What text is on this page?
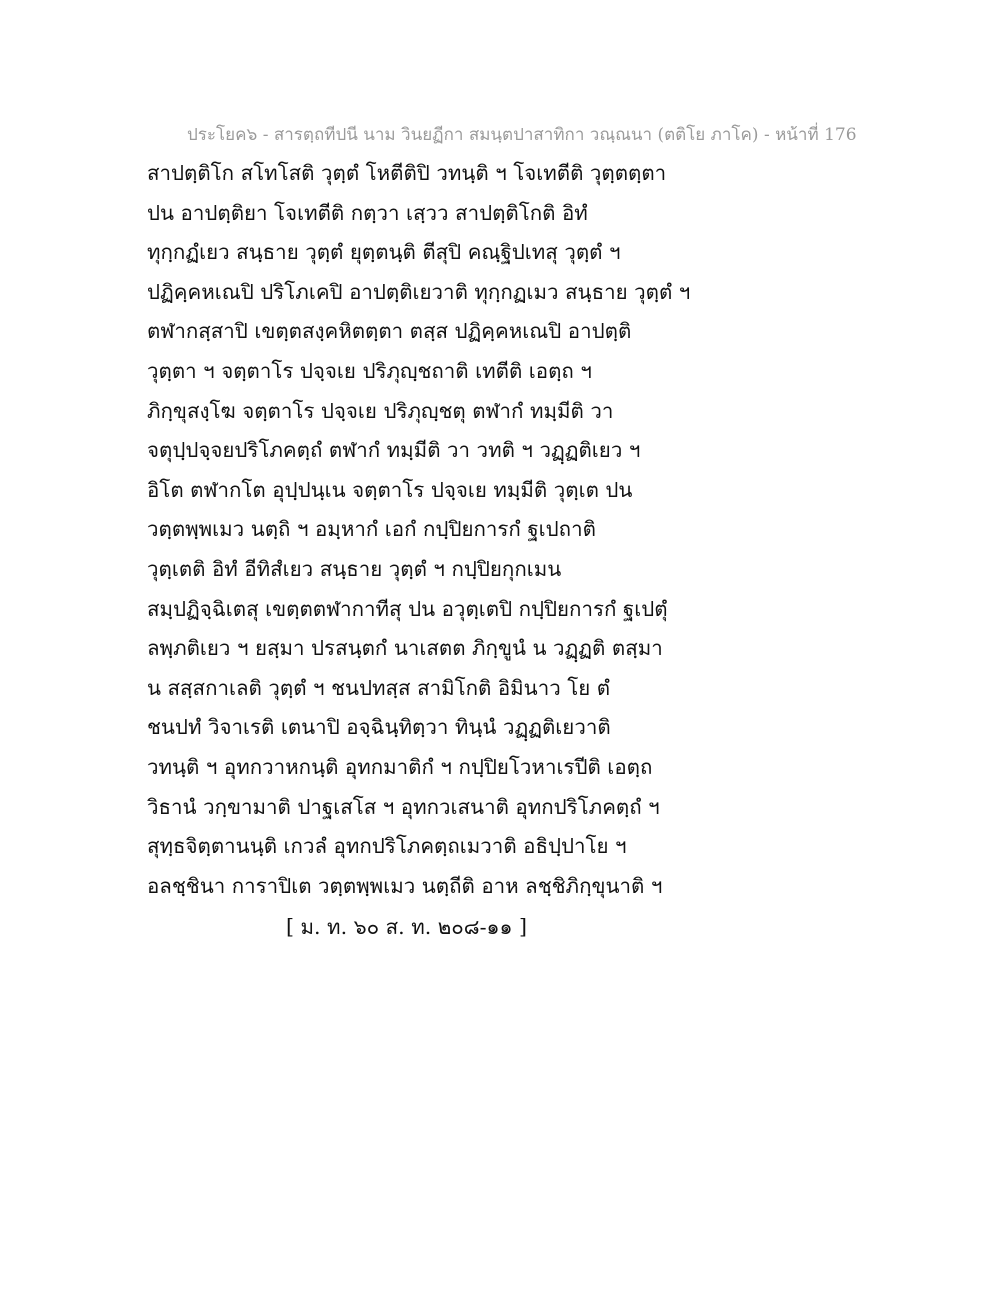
ประโยค๖ - สารตฺถทีปนี นาม วินยฏีกา สมนฺตปาสาทิกา วณฺณนา (ตติโย ภาโค) - หน้าที่ 176
สาปตฺติโก สโทโสติ วุตฺตํ โหตีติปิ วทนฺติ ฯ โจเทตีติ วุตฺตตฺตา
ปน อาปตฺติยา โจเทตีติ กตฺวา เสฺวว สาปตฺติโกติ อิทํ
ทุกฺกฏํเยว สนฺธาย วุตฺตํ ยุตฺตนฺติ ตีสุปิ คณฺฐิปเทสุ วุตฺตํ ฯ
ปฏิคฺคหเณปิ ปริโภเคปิ อาปตฺติเยวาติ ทุกฺกฏเมว สนฺธาย วุตฺตํ ฯ
ตฬากสฺสาปิ เขตฺตสงฺคหิตตฺตา ตสฺส ปฏิคฺคหเณปิ อาปตฺติ
วุตฺตา ฯ จตฺตาโร ปจฺจเย ปริภุญฺชถาติ เทตีติ เอตฺถ ฯ
ภิกฺขุสงฺโฆ จตฺตาโร ปจฺจเย ปริภุญฺชตุ ตฬากํ ทมฺมีติ วา
จตุปฺปจฺจยปริโภคตฺถํ ตฬากํ ทมฺมีติ วา วทติ ฯ วฏฺฏติเยว ฯ
อิโต ตฬากโต อุปฺปนฺเน จตฺตาโร ปจฺจเย ทมฺมีติ วุตฺเต ปน
วตฺตพฺพเมว นตฺถิ ฯ อมฺหากํ เอกํ กปฺปิยการกํ ฐเปถาติ
วุตฺเตติ อิทํ อีทิสํเยว สนฺธาย วุตฺตํ ฯ กปฺปิยกุกเมน
สมฺปฏิจฺฉิเตสุ เขตฺตตฬากาทีสุ ปน อวุตฺเตปิ กปฺปิยการกํ ฐเปตุํ
ลพฺภติเยว ฯ ยสฺมา ปรสนฺตกํ นาเสตต ภิกฺขูนํ น วฏฺฏติ ตสฺมา
น สสฺสกาเลติ วุตฺตํ ฯ ชนปทสฺส สามิโกติ อิมินาว โย ตํ
ชนปทํ วิจาเรติ เตนาปิ อจฺฉินฺทิตฺวา ทินฺนํ วฏฺฏติเยวาติ
วทนฺติ ฯ อุทกวาหกนฺติ อุทกมาติกํ ฯ กปฺปิยโวหาเรปีติ เอตฺถ
วิธานํ วกฺขามาติ ปาฐเสโส ฯ อุทกวเสนาติ อุทกปริโภคตฺถํ ฯ
สุทฺธจิตฺตานนฺติ เกวลํ อุทกปริโภคตฺถเมวาติ อธิปฺปาโย ฯ
อลชฺชินา การาปิเต วตฺตพฺพเมว นตฺถีติ อาห ลชฺชิภิกฺขุนาติ ฯ
[ ม. ท. ๖๐ ส. ท. ๒๐๘-๑๑ ]
